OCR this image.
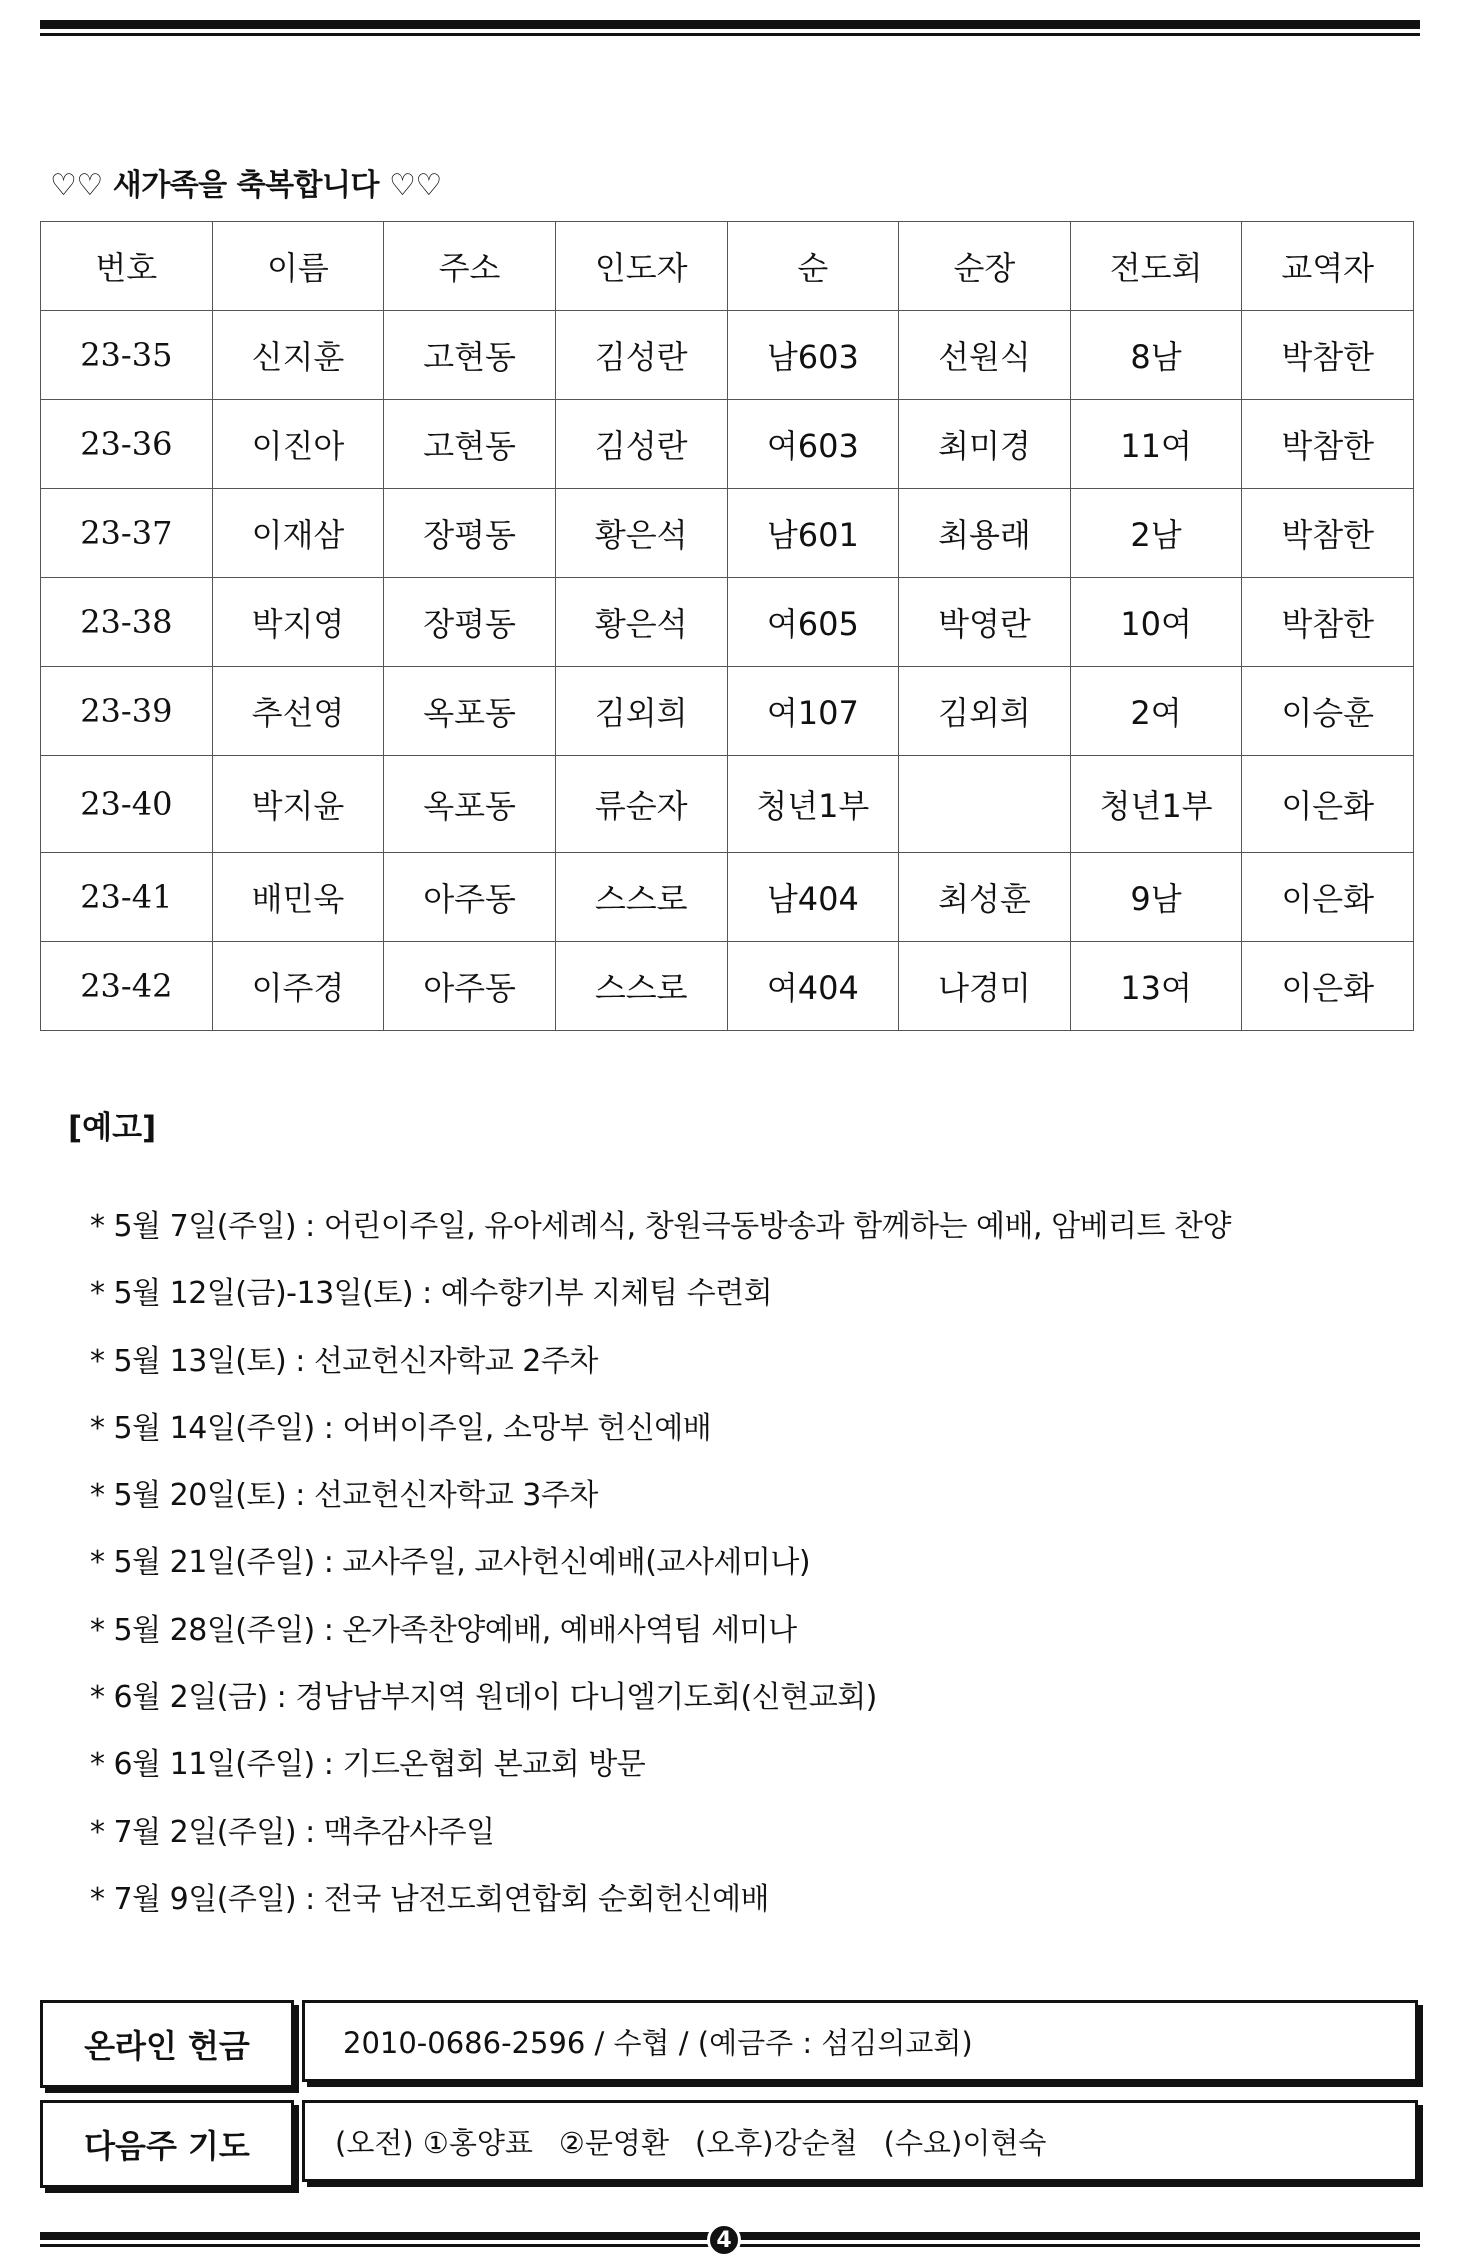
♡♡ 새가족을 축복합니다 ♡♡
번호	이름	주소	인도자	순	순장	전도회	교역자
23-35	신지훈	고현동	김성란	남603	선원식	8남	박참한
23-36	이진아	고현동	김성란	여603	최미경	11여	박참한
23-37	이재삼	장평동	황은석	남601	최용래	2남	박참한
23-38	박지영	장평동	황은석	여605	박영란	10여	박참한
23-39	추선영	옥포동	김외희	여107	김외희	2여	이승훈
23-40	박지윤	옥포동	류순자	청년1부		청년1부	이은화
23-41	배민욱	아주동	스스로	남404	최성훈	9남	이은화
23-42	이주경	아주동	스스로	여404	나경미	13여	이은화
[예고]
* 5월 7일(주일) : 어린이주일, 유아세례식, 창원극동방송과 함께하는 예배, 암베리트 찬양
* 5월 12일(금)-13일(토) : 예수향기부 지체팀 수련회
* 5월 13일(토) : 선교헌신자학교 2주차
* 5월 14일(주일) : 어버이주일, 소망부 헌신예배
* 5월 20일(토) : 선교헌신자학교 3주차
* 5월 21일(주일) : 교사주일, 교사헌신예배(교사세미나)
* 5월 28일(주일) : 온가족찬양예배, 예배사역팀 세미나
* 6월 2일(금) : 경남남부지역 원데이 다니엘기도회(신현교회)
* 6월 11일(주일) : 기드온협회 본교회 방문
* 7월 2일(주일) : 맥추감사주일
* 7월 9일(주일) : 전국 남전도회연합회 순회헌신예배
온라인 헌금	2010-0686-2596 / 수협 / (예금주 : 섬김의교회)
다음주 기도	(오전) ①홍양표 ②문영환 (오후)강순철 (수요)이현숙
4
